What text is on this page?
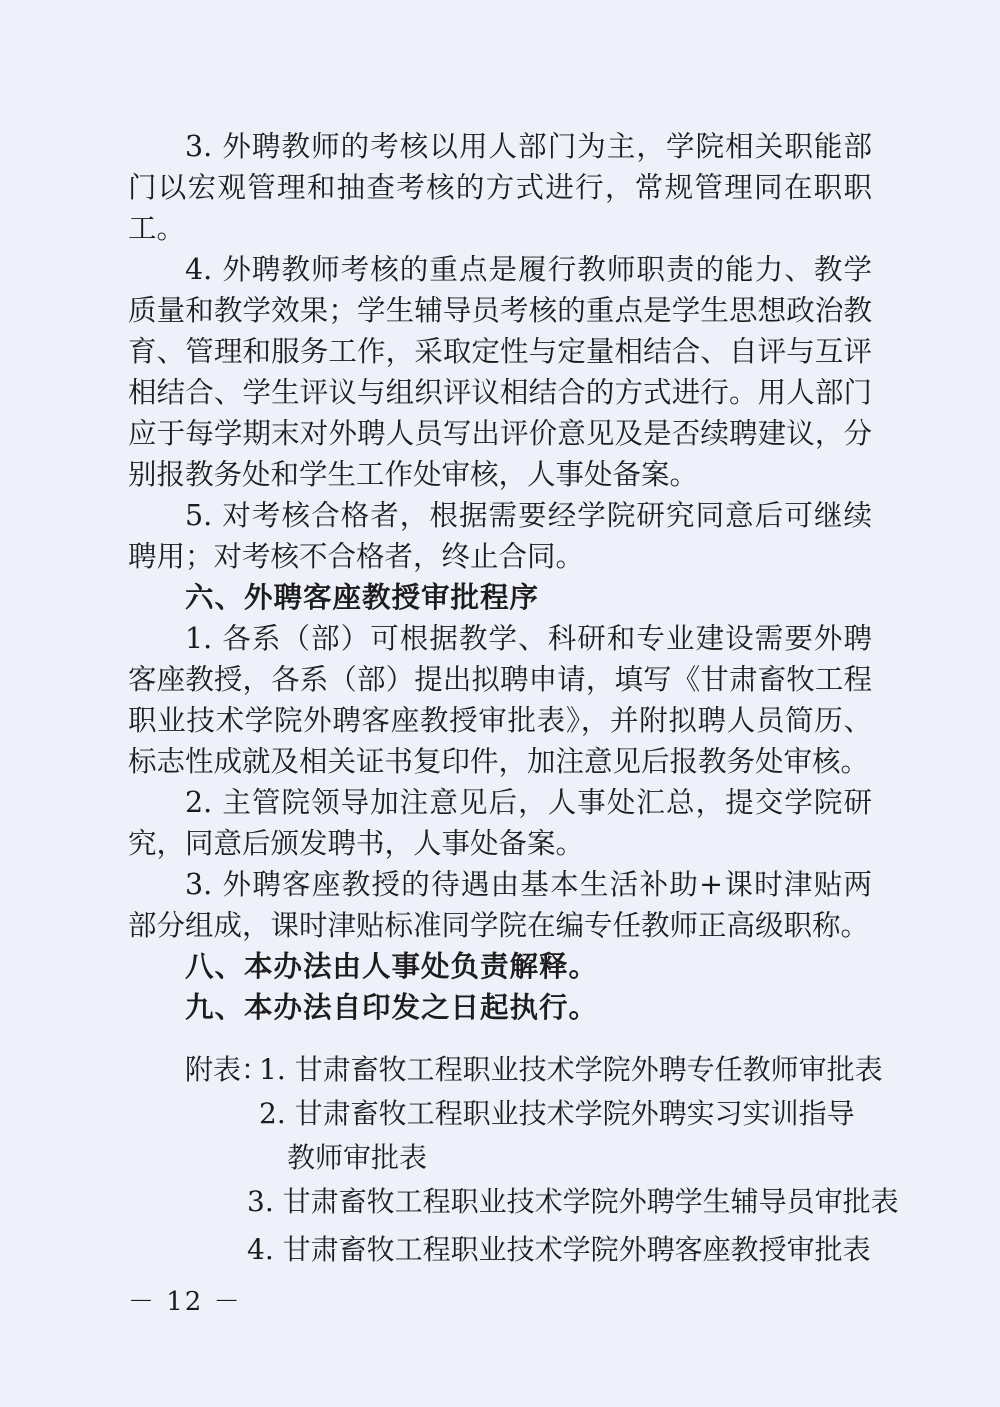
3. 外聘教师的考核以用人部门为主，学院相关职能部门以宏观管理和抽查考核的方式进行，常规管理同在职职工。

4. 外聘教师考核的重点是履行教师职责的能力、教学质量和教学效果；学生辅导员考核的重点是学生思想政治教育、管理和服务工作，采取定性与定量相结合、自评与互评相结合、学生评议与组织评议相结合的方式进行。用人部门应于每学期末对外聘人员写出评价意见及是否续聘建议，分别报教务处和学生工作处审核，人事处备案。

5. 对考核合格者，根据需要经学院研究同意后可继续聘用；对考核不合格者，终止合同。

六、外聘客座教授审批程序

1. 各系（部）可根据教学、科研和专业建设需要外聘客座教授，各系（部）提出拟聘申请，填写《甘肃畜牧工程职业技术学院外聘客座教授审批表》，并附拟聘人员简历、标志性成就及相关证书复印件，加注意见后报教务处审核。

2. 主管院领导加注意见后，人事处汇总，提交学院研究，同意后颁发聘书，人事处备案。

3. 外聘客座教授的待遇由基本生活补助+课时津贴两部分组成，课时津贴标准同学院在编专任教师正高级职称。

八、本办法由人事处负责解释。

九、本办法自印发之日起执行。

附表：1. 甘肃畜牧工程职业技术学院外聘专任教师审批表
2. 甘肃畜牧工程职业技术学院外聘实习实训指导
教师审批表
3. 甘肃畜牧工程职业技术学院外聘学生辅导员审批表
4. 甘肃畜牧工程职业技术学院外聘客座教授审批表
－ 12 －
